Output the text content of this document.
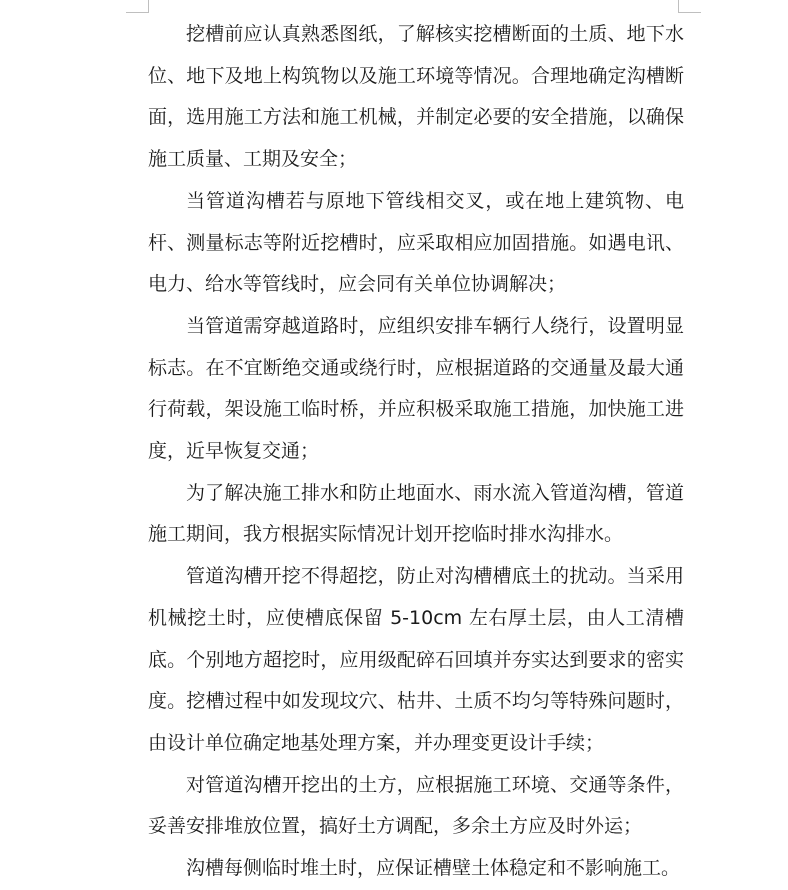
挖槽前应认真熟悉图纸，了解核实挖槽断面的土质、地下水位、地下及地上构筑物以及施工环境等情况。合理地确定沟槽断面，选用施工方法和施工机械，并制定必要的安全措施，以确保施工质量、工期及安全；

当管道沟槽若与原地下管线相交叉，或在地上建筑物、电杆、测量标志等附近挖槽时，应采取相应加固措施。如遇电讯、电力、给水等管线时，应会同有关单位协调解决；

当管道需穿越道路时，应组织安排车辆行人绕行，设置明显标志。在不宜断绝交通或绕行时，应根据道路的交通量及最大通行荷载，架设施工临时桥，并应积极采取施工措施，加快施工进度，近早恢复交通；

为了解决施工排水和防止地面水、雨水流入管道沟槽，管道施工期间，我方根据实际情况计划开挖临时排水沟排水。

管道沟槽开挖不得超挖，防止对沟槽槽底土的扰动。当采用机械挖土时，应使槽底保留 5-10cm 左右厚土层，由人工清槽底。个别地方超挖时，应用级配碎石回填并夯实达到要求的密实度。挖槽过程中如发现坟穴、枯井、土质不均匀等特殊问题时，由设计单位确定地基处理方案，并办理变更设计手续；

对管道沟槽开挖出的土方，应根据施工环境、交通等条件，妥善安排堆放位置，搞好土方调配，多余土方应及时外运；

沟槽每侧临时堆土时，应保证槽壁土体稳定和不影响施工。
